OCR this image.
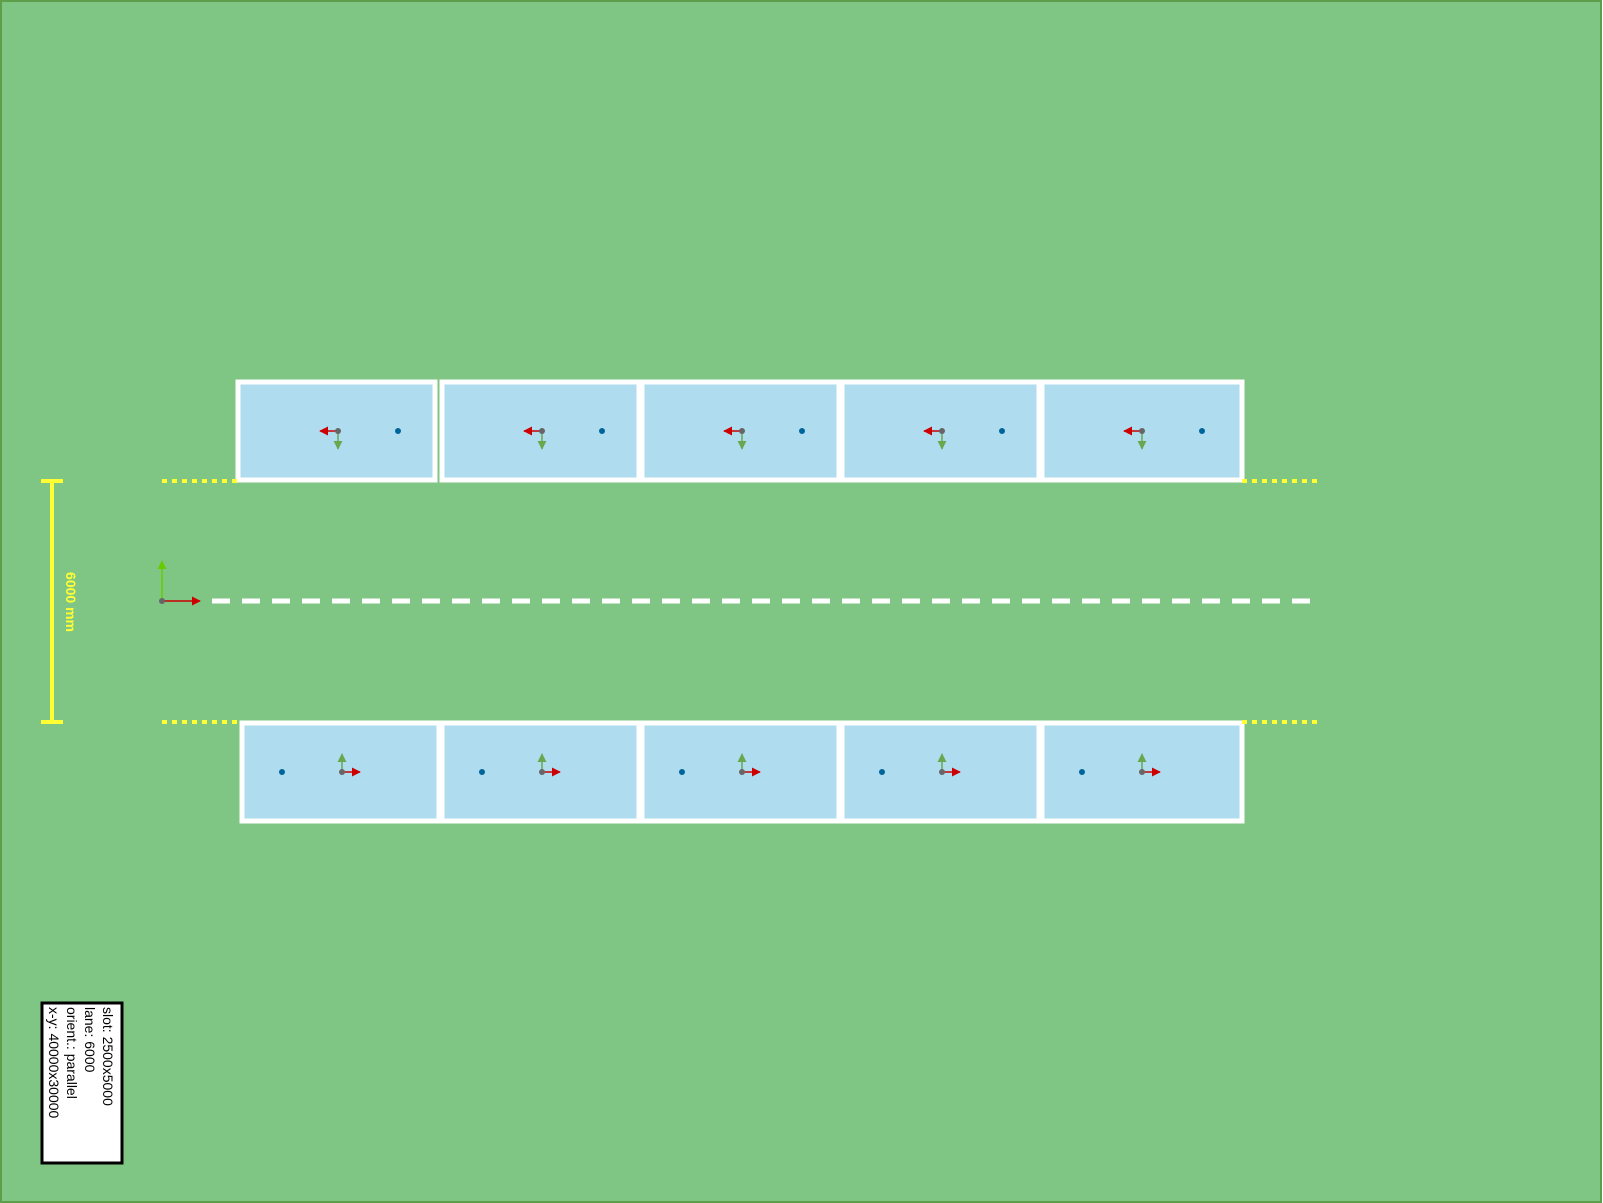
6000 mm
slot: 2500x5000
lane: 6000
orient.: parallel
x-y: 40000x30000
